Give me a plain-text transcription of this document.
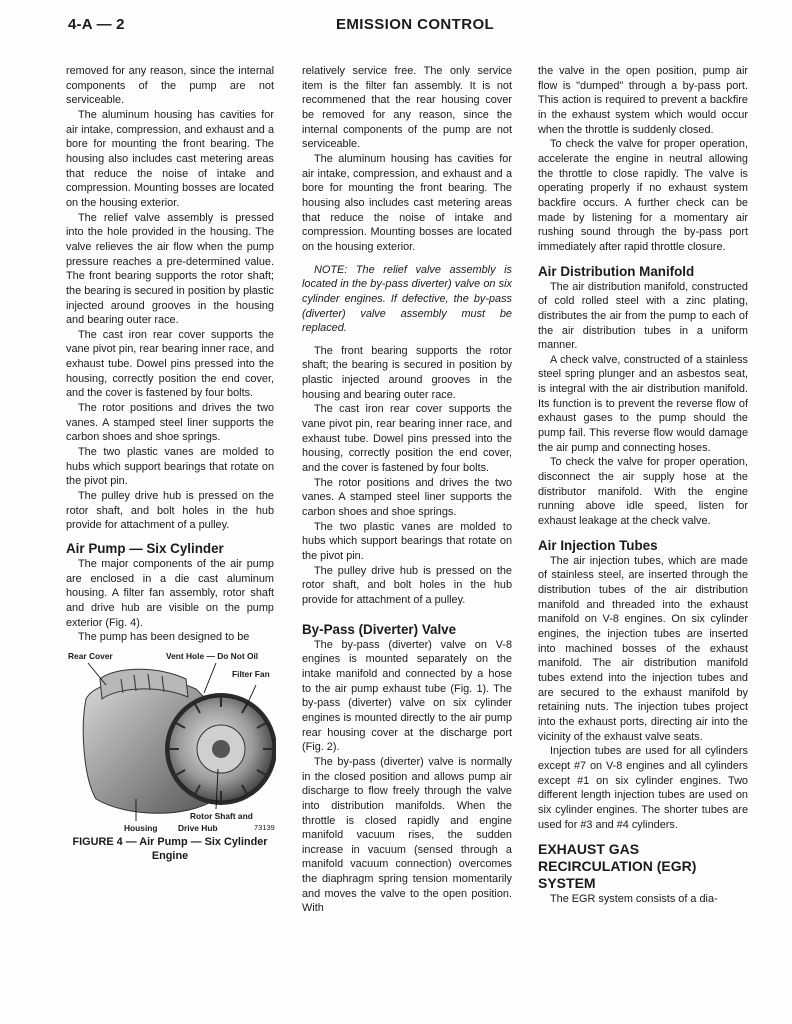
4-A — 2	EMISSION CONTROL

removed for any reason, since the internal components of the pump are not serviceable.

The aluminum housing has cavities for air intake, compression, and exhaust and a bore for mounting the front bearing. The housing also includes cast metering areas that reduce the noise of intake and compression. Mounting bosses are located on the housing exterior.

The relief valve assembly is pressed into the hole provided in the housing. The valve relieves the air flow when the pump pressure reaches a pre-determined value. The front bearing supports the rotor shaft; the bearing is secured in position by plastic injected around grooves in the housing and bearing outer race.

The cast iron rear cover supports the vane pivot pin, rear bearing inner race, and exhaust tube. Dowel pins pressed into the housing, correctly position the end cover, and the cover is fastened by four bolts.

The rotor positions and drives the two vanes. A stamped steel liner supports the carbon shoes and shoe springs.

The two plastic vanes are molded to hubs which support bearings that rotate on the pivot pin.

The pulley drive hub is pressed on the rotor shaft, and bolt holes in the hub provide for attachment of a pulley.

Air Pump — Six Cylinder

The major components of the air pump are enclosed in a die cast aluminum housing. A filter fan assembly, rotor shaft and drive hub are visible on the pump exterior (Fig. 4).

The pump has been designed to be

Rear Cover	Vent Hole — Do Not Oil
Filter Fan
Rotor Shaft and
Housing Drive Hub	73139
FIGURE 4 — Air Pump — Six Cylinder
Engine

relatively service free. The only service item is the filter fan assembly. It is not recommened that the rear housing cover be removed for any reason, since the internal components of the pump are not serviceable.

The aluminum housing has cavities for air intake, compression, and exhaust and a bore for mounting the front bearing. The housing also includes cast metering areas that reduce the noise of intake and compression. Mounting bosses are located on the housing exterior.

NOTE: The relief valve assembly is located in the by-pass diverter) valve on six cylinder engines. If defective, the by-pass (diverter) valve assembly must be replaced.

The front bearing supports the rotor shaft; the bearing is secured in position by plastic injected around grooves in the housing and bearing outer race.

The cast iron rear cover supports the vane pivot pin, rear bearing inner race, and exhaust tube. Dowel pins pressed into the housing, correctly position the end cover, and the cover is fastened by four bolts.

The rotor positions and drives the two vanes. A stamped steel liner supports the carbon shoes and shoe springs.

The two plastic vanes are molded to hubs which support bearings that rotate on the pivot pin.

The pulley drive hub is pressed on the rotor shaft, and bolt holes in the hub provide for attachment of a pulley.

By-Pass (Diverter) Valve

The by-pass (diverter) valve on V-8 engines is mounted separately on the intake manifold and connected by a hose to the air pump exhaust tube (Fig. 1). The by-pass (diverter) valve on six cylinder engines is mounted directly to the air pump rear housing cover at the discharge port (Fig. 2).

The by-pass (diverter) valve is normally in the closed position and allows pump air discharge to flow freely through the valve into distribution manifolds. When the throttle is closed rapidly and engine manifold vacuum rises, the sudden increase in vacuum (sensed through a manifold vacuum connection) overcomes the diaphragm spring tension momentarily and moves the valve to the open position. With

the valve in the open position, pump air flow is "dumped" through a by-pass port. This action is required to prevent a backfire in the exhaust system which would occur when the throttle is suddenly closed.

To check the valve for proper operation, accelerate the engine in neutral allowing the throttle to close rapidly. The valve is operating properly if no exhaust system backfire occurs. A further check can be made by listening for a momentary air rushing sound through the by-pass port immediately after rapid throttle closure.

Air Distribution Manifold

The air distribution manifold, constructed of cold rolled steel with a zinc plating, distributes the air from the pump to each of the air distribution tubes in a uniform manner.

A check valve, constructed of a stainless steel spring plunger and an asbestos seat, is integral with the air distribution manifold. Its function is to prevent the reverse flow of exhaust gases to the pump should the pump fail. This reverse flow would damage the air pump and connecting hoses.

To check the valve for proper operation, disconnect the air supply hose at the distributor manifold. With the engine running above idle speed, listen for exhaust leakage at the check valve.

Air Injection Tubes

The air injection tubes, which are made of stainless steel, are inserted through the distribution tubes of the air distribution manifold and threaded into the exhaust manifold on V-8 engines. On six cylinder engines, the injection tubes are inserted into machined bosses of the exhaust manifold. The air distribution manifold tubes extend into the injection tubes and are secured to the exhaust manifold by retaining nuts. The injection tubes project into the exhaust ports, directing air into the vicinity of the exhaust valve seats.

Injection tubes are used for all cylinders except #7 on V-8 engines and all cylinders except #1 on six cylinder engines. Two different length injection tubes are used on six cylinder engines. The shorter tubes are used for #3 and #4 cylinders.

EXHAUST GAS
RECIRCULATION (EGR) SYSTEM

The EGR system consists of a dia-
